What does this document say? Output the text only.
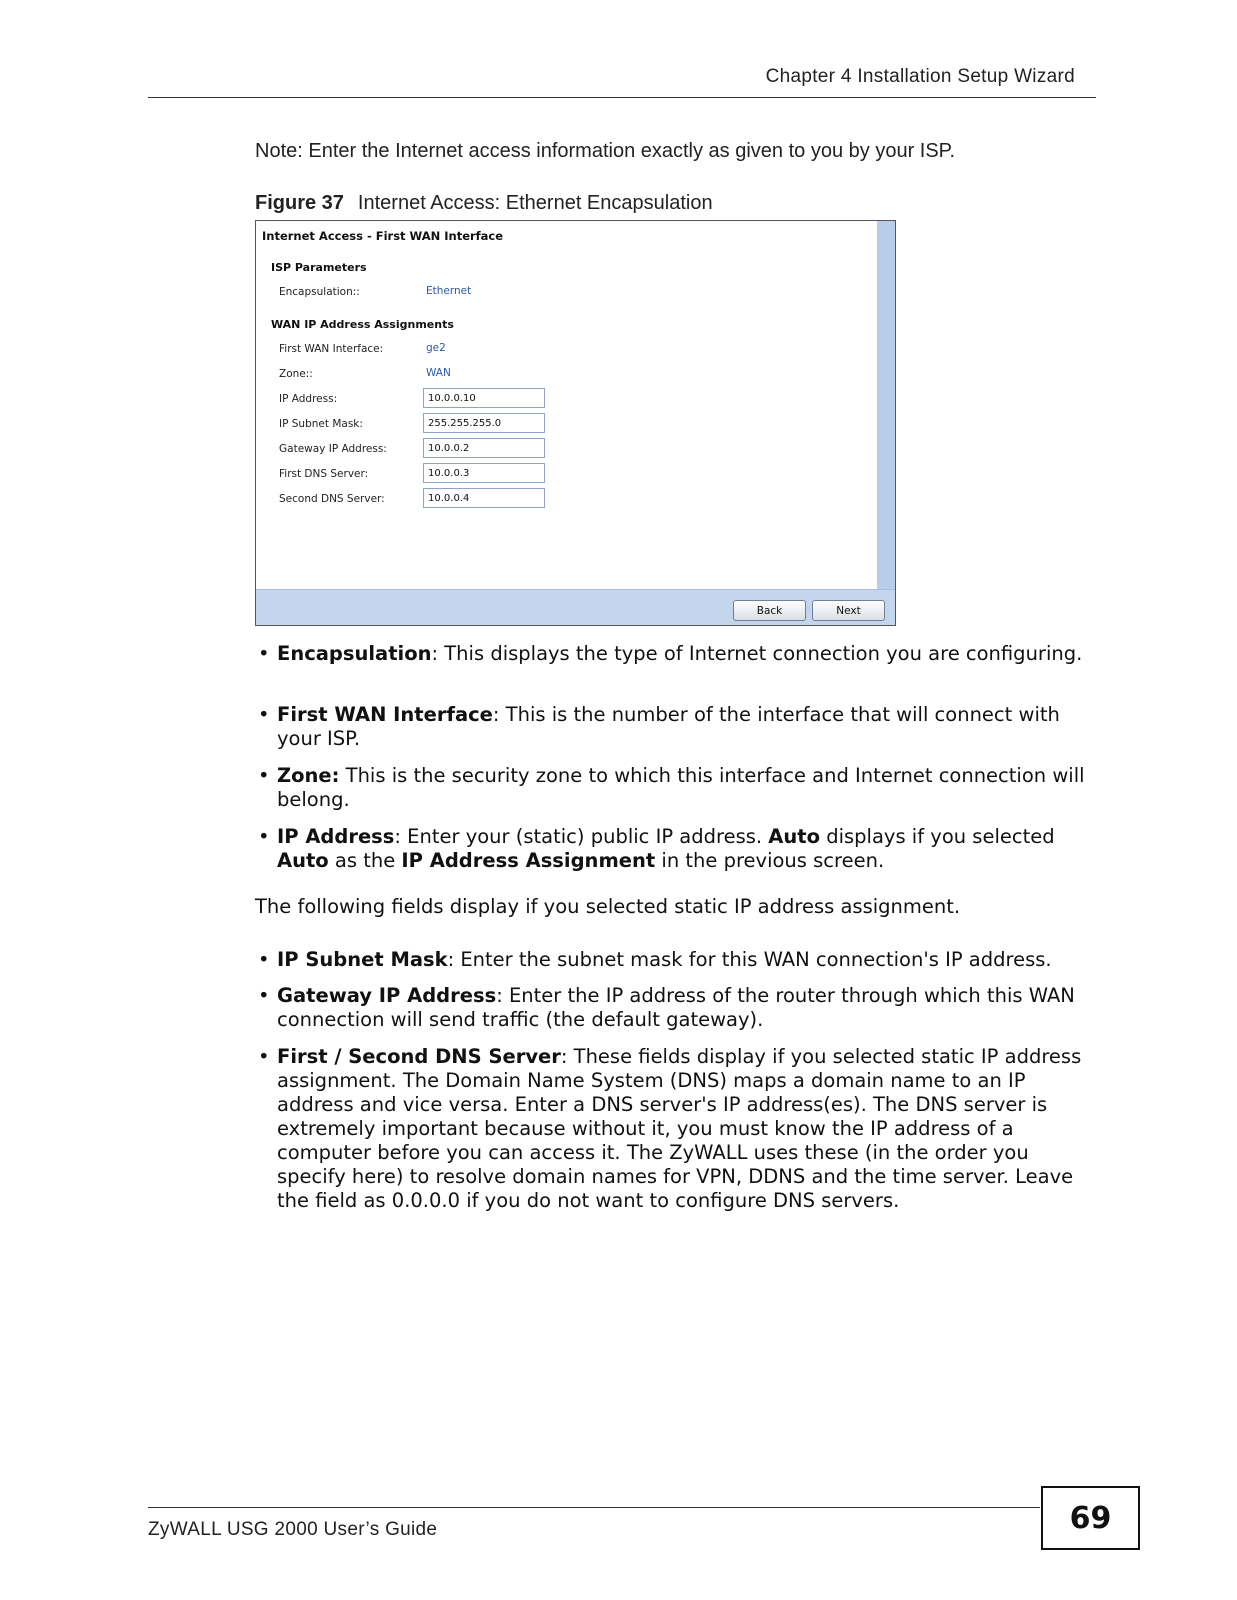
Chapter 4 Installation Setup Wizard
Note: Enter the Internet access information exactly as given to you by your ISP.
Figure 37 Internet Access: Ethernet Encapsulation
Internet Access - First WAN Interface
ISP Parameters
Encapsulation::	Ethernet
WAN IP Address Assignments
First WAN Interface:	ge2
Zone::	WAN
IP Address:
10.0.0.10
IP Subnet Mask:
255.255.255.0
Gateway IP Address:
10.0.0.2
First DNS Server:
10.0.0.3
Second DNS Server:
10.0.0.4
Back	Next
• Encapsulation: This displays the type of Internet connection you are configuring.
• First WAN Interface: This is the number of the interface that will connect with your ISP.
• Zone: This is the security zone to which this interface and Internet connection will belong.
• IP Address: Enter your (static) public IP address. Auto displays if you selected Auto as the IP Address Assignment in the previous screen.
The following fields display if you selected static IP address assignment.
• IP Subnet Mask: Enter the subnet mask for this WAN connection's IP address.
• Gateway IP Address: Enter the IP address of the router through which this WAN connection will send traffic (the default gateway).
• First / Second DNS Server: These fields display if you selected static IP address assignment. The Domain Name System (DNS) maps a domain name to an IP address and vice versa. Enter a DNS server's IP address(es). The DNS server is extremely important because without it, you must know the IP address of a computer before you can access it. The ZyWALL uses these (in the order you specify here) to resolve domain names for VPN, DDNS and the time server. Leave the field as 0.0.0.0 if you do not want to configure DNS servers.
ZyWALL USG 2000 User’s Guide	69
